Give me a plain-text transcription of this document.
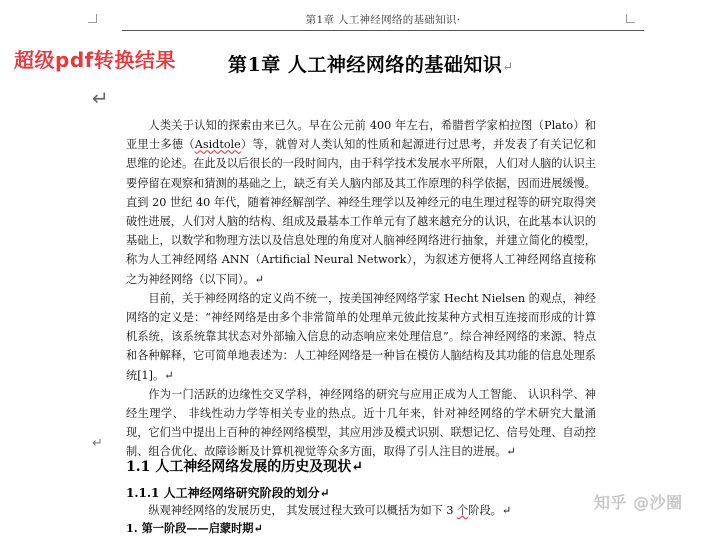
第1章 人工神经网络的基础知识·
超级pdf转换结果	第1章 人工神经网络的基础知识↵
↵

人类关于认知的探索由来已久。早在公元前 400 年左右，希腊哲学家柏拉图（Plato）和亚里士多德（Asidtole）等，就曾对人类认知的性质和起源进行过思考，并发表了有关记忆和思维的论述。在此及以后很长的一段时间内，由于科学技术发展水平所限，人们对人脑的认识主要停留在观察和猜测的基础之上，缺乏有关人脑内部及其工作原理的科学依据，因而进展缓慢。直到 20 世纪 40 年代，随着神经解剖学、神经生理学以及神经元的电生理过程等的研究取得突破性进展，人们对人脑的结构、组成及最基本工作单元有了越来越充分的认识，在此基本认识的基础上，以数学和物理方法以及信息处理的角度对人脑神经网络进行抽象，并建立简化的模型，称为人工神经网络 ANN（Artificial Neural Network），为叙述方便将人工神经网络直接称之为神经网络（以下同）。↵

目前，关于神经网络的定义尚不统一，按美国神经网络学家 Hecht Nielsen 的观点，神经网络的定义是：“神经网络是由多个非常简单的处理单元彼此按某种方式相互连接而形成的计算机系统，该系统靠其状态对外部输入信息的动态响应来处理信息”。综合神经网络的来源、特点和各种解释，它可简单地表述为：人工神经网络是一种旨在模仿人脑结构及其功能的信息处理系统[1]。↵

作为一门活跃的边缘性交叉学科，神经网络的研究与应用正成为人工智能、 认识科学、神经生理学、 非线性动力学等相关专业的热点。近十几年来，针对神经网络的学术研究大量涌现，它们当中提出上百种的神经网络模型，其应用涉及模式识别、联想记忆、信号处理、自动控制、组合优化、故障诊断及计算机视觉等众多方面，取得了引人注目的进展。↵

↵
1.1 人工神经网络发展的历史及现状↵
1.1.1 人工神经网络研究阶段的划分↵
纵观神经网络的发展历史， 其发展过程大致可以概括为如下 3 个阶段。↵
1. 第一阶段——启蒙时期↵
知乎 @沙圈
